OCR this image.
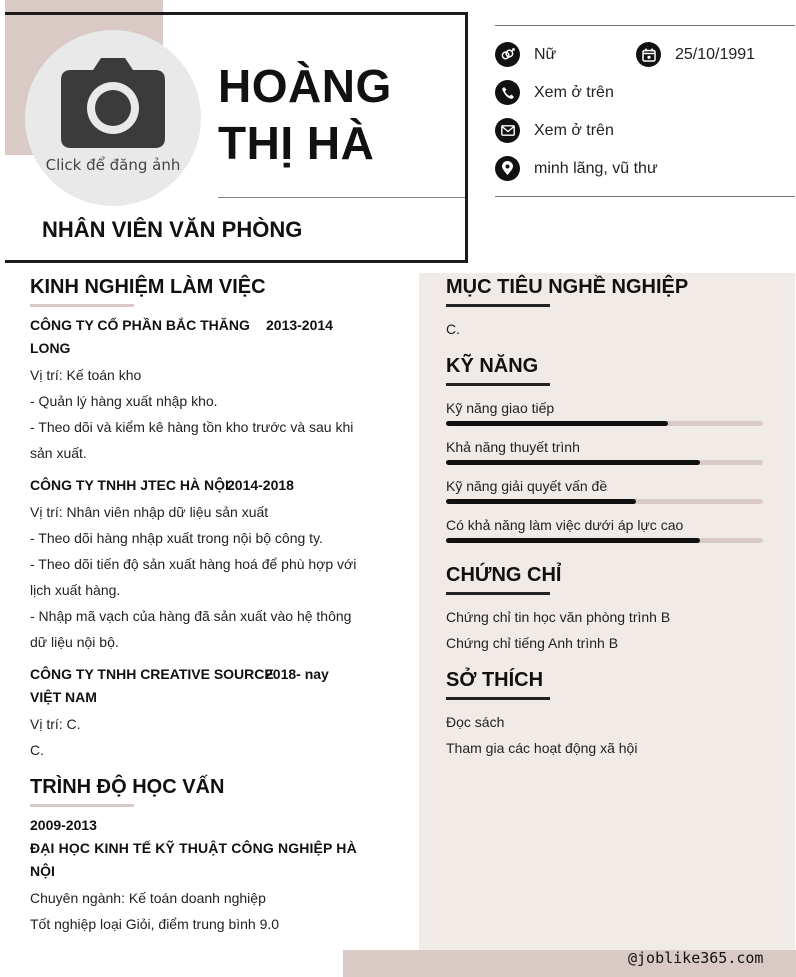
Click để đăng ảnh
HOÀNG
THỊ HÀ
NHÂN VIÊN VĂN PHÒNG
Nữ	25/10/1991
Xem ở trên
Xem ở trên
minh lãng, vũ thư
KINH NGHIỆM LÀM VIỆC
CÔNG TY CỔ PHẦN BẮC THĂNG
LONG
2013-2014
Vị trí: Kế toán kho
- Quản lý hàng xuất nhập kho.
- Theo dõi và kiểm kê hàng tồn kho trước và sau khi
sản xuất.
CÔNG TY TNHH JTEC HÀ NỘI
2014-2018
Vị trí: Nhân viên nhập dữ liệu sản xuất
- Theo dõi hàng nhập xuất trong nội bộ công ty.
- Theo dõi tiến độ sản xuất hàng hoá để phù hợp với
lịch xuất hàng.
- Nhập mã vạch của hàng đã sản xuất vào hệ thông
dữ liệu nội bộ.
CÔNG TY TNHH CREATIVE SOURCE
VIỆT NAM
2018- nay
Vị trí: C.
C.
TRÌNH ĐỘ HỌC VẤN
2009-2013
ĐẠI HỌC KINH TẾ KỸ THUẬT CÔNG NGHIỆP HÀ
NỘI
Chuyên ngành: Kế toán doanh nghiệp
Tốt nghiệp loại Giỏi, điểm trung bình 9.0
MỤC TIÊU NGHỀ NGHIỆP
C.
KỸ NĂNG
Kỹ năng giao tiếp
Khả năng thuyết trình
Kỹ năng giải quyết vấn đề
Có khả năng làm việc dưới áp lực cao
CHỨNG CHỈ
Chứng chỉ tin học văn phòng trình B
Chứng chỉ tiếng Anh trình B
SỞ THÍCH
Đọc sách
Tham gia các hoạt động xã hội
@joblike365.com
